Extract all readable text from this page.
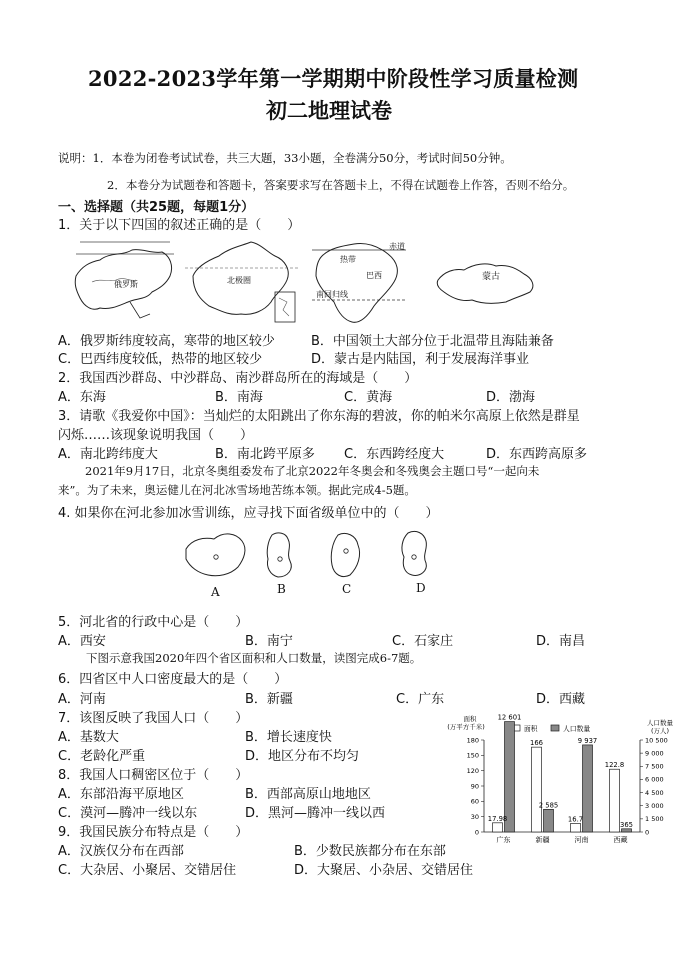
2022-2023学年第一学期期中阶段性学习质量检测
初二地理试卷
说明：1．本卷为闭卷考试试卷，共三大题，33小题，全卷满分50分，考试时间50分钟。
2．本卷分为试题卷和答题卡，答案要求写在答题卡上，不得在试题卷上作答，否则不给分。
一、选择题（共25题，每题1分）
1．关于以下四国的叙述正确的是（　　）
俄罗斯	北极圈
赤道
热带
巴西
南回归线
蒙古
A．俄罗斯纬度较高，寒带的地区较少	B．中国领土大部分位于北温带且海陆兼备
C．巴西纬度较低，热带的地区较少	D．蒙古是内陆国，利于发展海洋事业
2．我国西沙群岛、中沙群岛、南沙群岛所在的海域是（　　）
A．东海	B．南海	C．黄海	D．渤海
3．请歌《我爱你中国》：当灿烂的太阳跳出了你东海的碧波，你的帕米尔高原上依然是群星
闪烁……该现象说明我国（　　）
A．南北跨纬度大	B．南北跨平原多 C．东西跨经度大	D．东西跨高原多
2021年9月17日，北京冬奥组委发布了北京2022年冬奥会和冬残奥会主题口号“一起向未
来”。为了未来，奥运健儿在河北冰雪场地苦练本领。据此完成4-5题。
4. 如果你在河北参加冰雪训练，应寻找下面省级单位中的（　　）
A	B	C	D
5．河北省的行政中心是（　　）
A．西安	B．南宁	C．石家庄	D．南昌
下图示意我国2020年四个省区面积和人口数量，读图完成6-7题。
6．四省区中人口密度最大的是（　　）
A．河南	B．新疆	C．广东	D．西藏
7．该图反映了我国人口（　　）
A．基数大	B．增长速度快
C．老龄化严重	D．地区分布不均匀
8．我国人口稠密区位于（　　）
A．东部沿海平原地区	B．西部高原山地地区
C．漠河—腾冲一线以东	D．黑河—腾冲一线以西
9．我国民族分布特点是（　　）
A．汉族仅分布在西部	B．少数民族都分布在东部
C．大杂居、小聚居、交错居住	D．大聚居、小杂居、交错居住
面积
(万平方千米)	人口数量
(万人)
面积	人口数量
0
30
60
90
120
150
180
0
1 500
3 000
4 500
6 000
7 500
9 000
10 500
17.98
12 601
广东
166
2 585
新疆
16.7
9 937
河南
122.8
365
西藏
